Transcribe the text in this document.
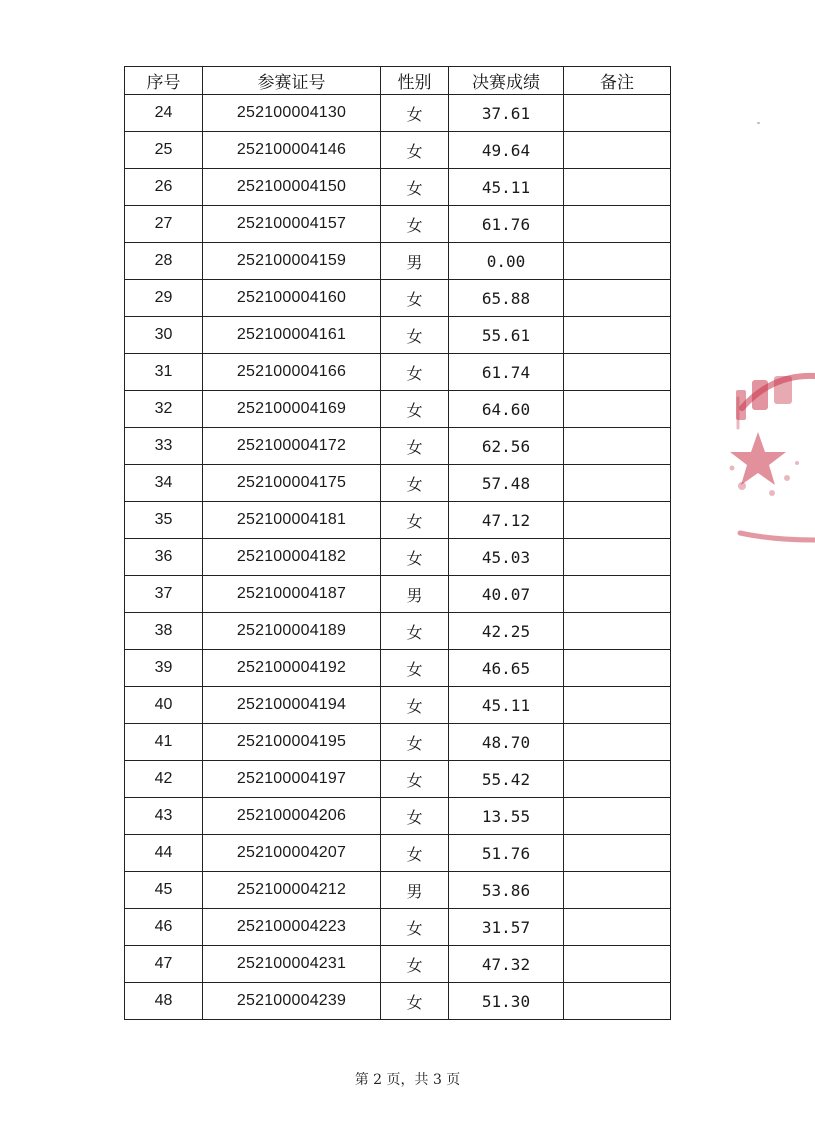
序号	参赛证号	性别	决赛成绩	备注
24	252100004130	女	37.61	
25	252100004146	女	49.64	
26	252100004150	女	45.11	
27	252100004157	女	61.76	
28	252100004159	男	0.00	
29	252100004160	女	65.88	
30	252100004161	女	55.61	
31	252100004166	女	61.74	
32	252100004169	女	64.60	
33	252100004172	女	62.56	
34	252100004175	女	57.48	
35	252100004181	女	47.12	
36	252100004182	女	45.03	
37	252100004187	男	40.07	
38	252100004189	女	42.25	
39	252100004192	女	46.65	
40	252100004194	女	45.11	
41	252100004195	女	48.70	
42	252100004197	女	55.42	
43	252100004206	女	13.55	
44	252100004207	女	51.76	
45	252100004212	男	53.86	
46	252100004223	女	31.57	
47	252100004231	女	47.32	
48	252100004239	女	51.30	
第 2 页，共 3 页
